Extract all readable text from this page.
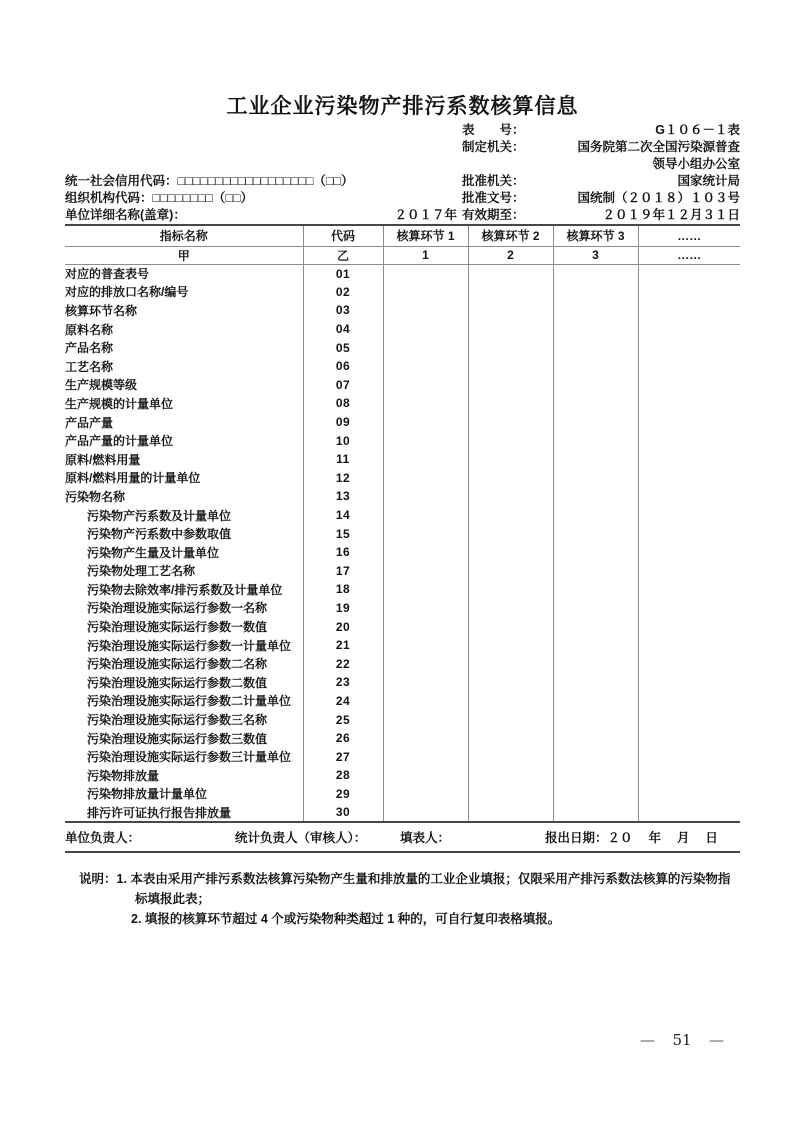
工业企业污染物产排污系数核算信息
表　　号：	G１０６－１表
制定机关：	国务院第二次全国污染源普查
领导小组办公室
统一社会信用代码：□□□□□□□□□□□□□□□□□□（□□）	批准机关：	国家统计局
组织机构代码：□□□□□□□□（□□）	批准文号：	国统制（２０１８）１０３号
单位详细名称(盖章)：	２０１７年 有效期至：	２０１９年１２月３１日
指标名称	代码	核算环节 1	核算环节 2	核算环节 3	……
甲	乙	1	2	3	……
对应的普查表号	01				
对应的排放口名称/编号	02				
核算环节名称	03				
原料名称	04				
产品名称	05				
工艺名称	06				
生产规模等级	07				
生产规模的计量单位	08				
产品产量	09				
产品产量的计量单位	10				
原料/燃料用量	11				
原料/燃料用量的计量单位	12				
污染物名称	13				
污染物产污系数及计量单位	14				
污染物产污系数中参数取值	15				
污染物产生量及计量单位	16				
污染物处理工艺名称	17				
污染物去除效率/排污系数及计量单位	18				
污染治理设施实际运行参数一名称	19				
污染治理设施实际运行参数一数值	20				
污染治理设施实际运行参数一计量单位	21				
污染治理设施实际运行参数二名称	22				
污染治理设施实际运行参数二数值	23				
污染治理设施实际运行参数二计量单位	24				
污染治理设施实际运行参数三名称	25				
污染治理设施实际运行参数三数值	26				
污染治理设施实际运行参数三计量单位	27				
污染物排放量	28				
污染物排放量计量单位	29				
排污许可证执行报告排放量	30				
单位负责人：	统计负责人（审核人）：	填表人：	报出日期：２０　 年　 月　 日
说明：1. 本表由采用产排污系数法核算污染物产生量和排放量的工业企业填报；仅限采用产排污系数法核算的污染物指
标填报此表；
2. 填报的核算环节超过 4 个或污染物种类超过 1 种的，可自行复印表格填报。
— 51 —
